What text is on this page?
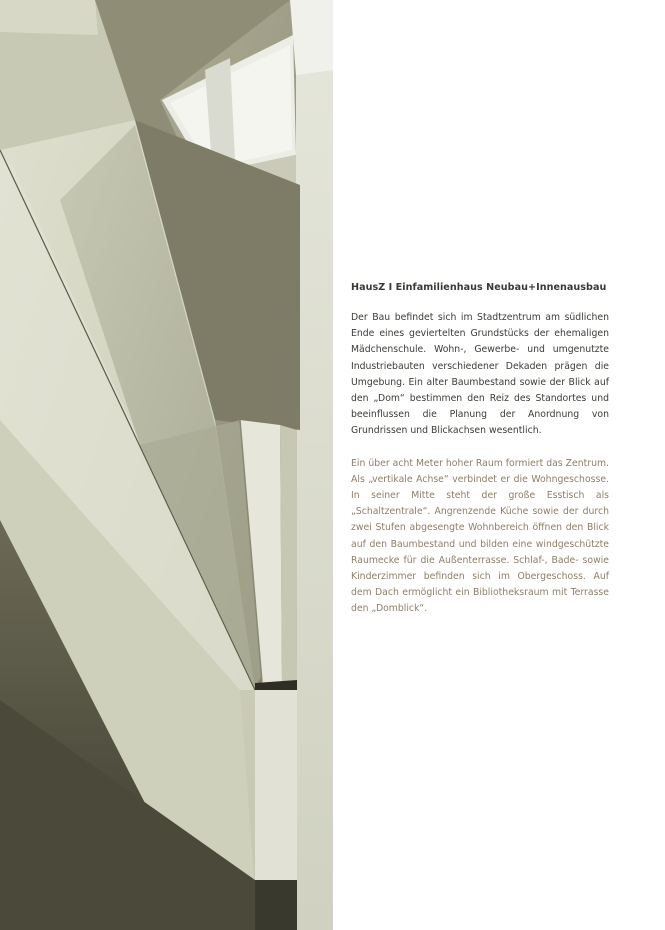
HausZ I Einfamilienhaus Neubau+Innenausbau

Der Bau befindet sich im Stadtzentrum am südlichen Ende eines geviertelten Grundstücks der ehemaligen Mädchenschule. Wohn-, Gewerbe- und umgenutzte Industriebauten verschiedener Dekaden prägen die Umgebung. Ein alter Baumbestand sowie der Blick auf den „Dom“ bestimmen den Reiz des Standortes und beeinflussen die Planung der Anordnung von Grundrissen und Blickachsen wesentlich.

Ein über acht Meter hoher Raum formiert das Zentrum. Als „vertikale Achse“ verbindet er die Wohngeschosse. In seiner Mitte steht der große Esstisch als „Schaltzentrale“. Angrenzende Küche sowie der durch zwei Stufen abgesengte Wohnbereich öffnen den Blick auf den Baumbestand und bilden eine windgeschützte Raumecke für die Außenterrasse. Schlaf-, Bade- sowie Kinderzimmer befinden sich im Obergeschoss. Auf dem Dach ermöglicht ein Bibliotheksraum mit Terrasse den „Domblick“.
